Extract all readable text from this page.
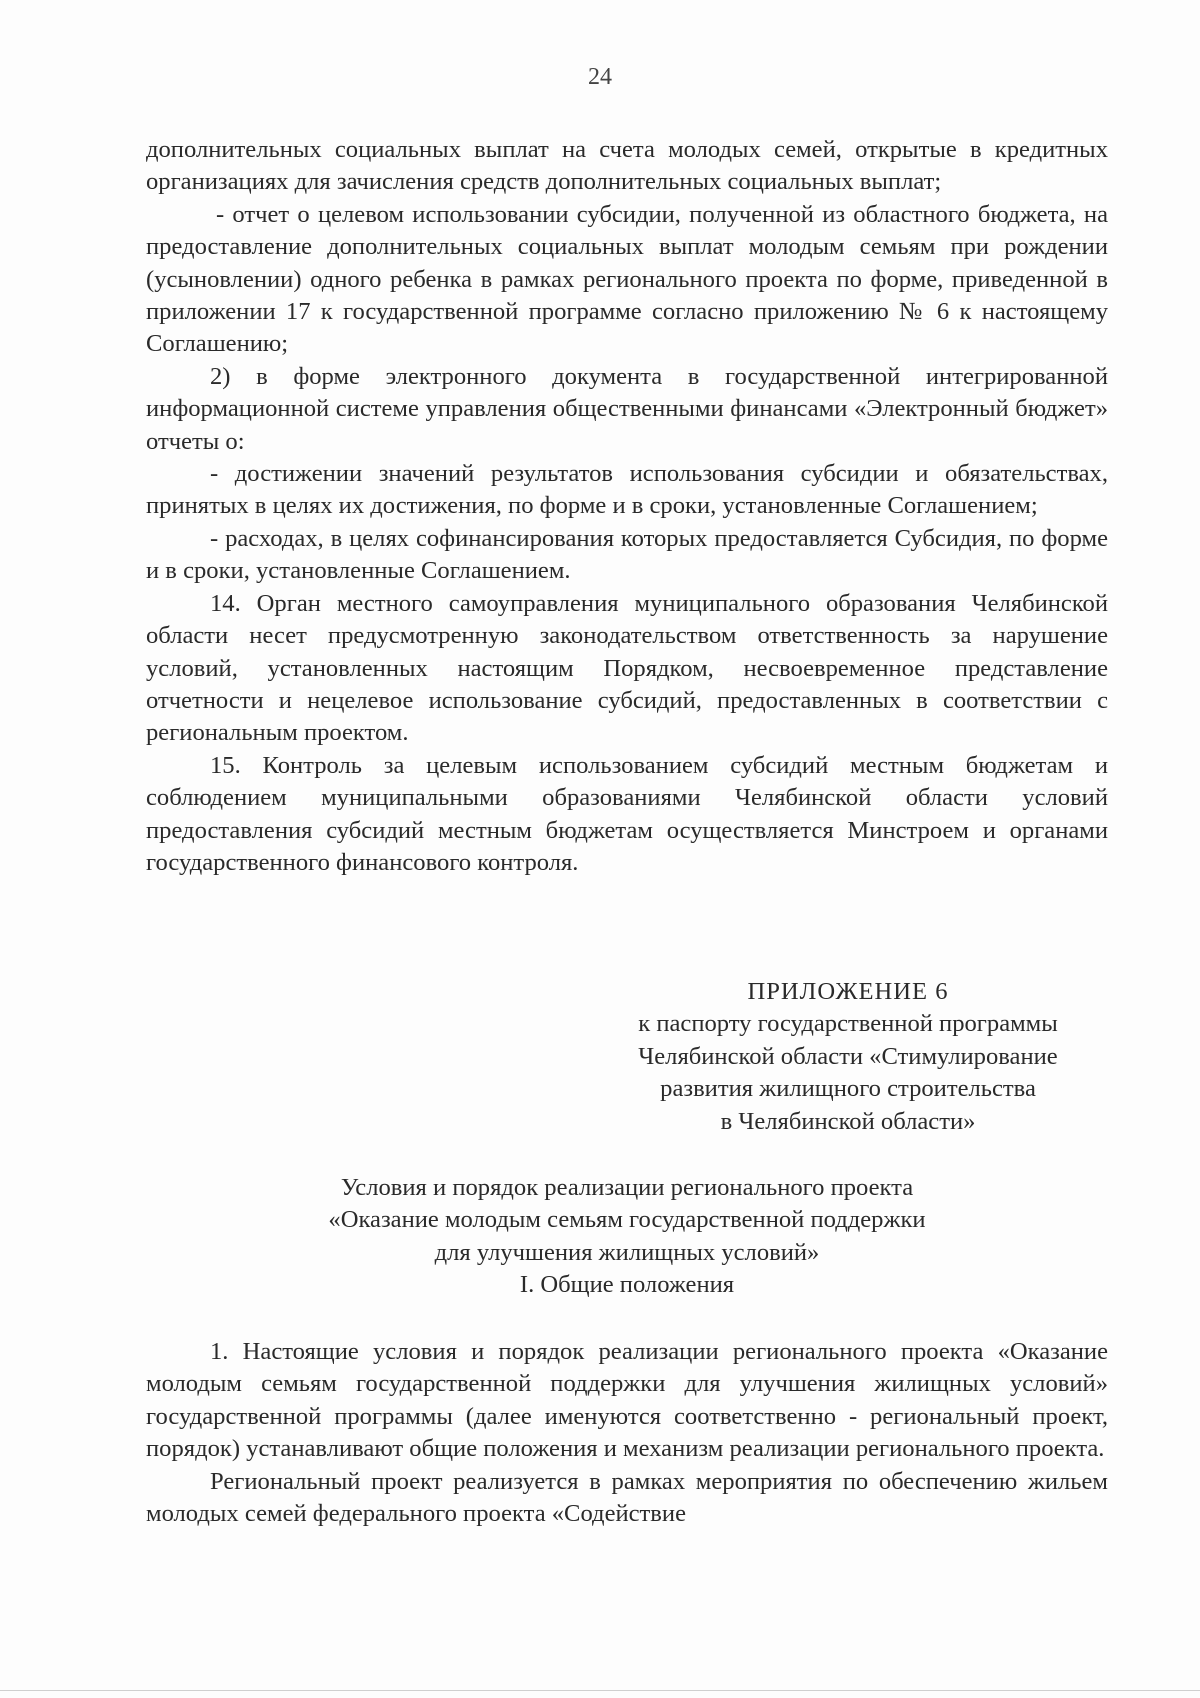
24

дополнительных социальных выплат на счета молодых семей, открытые в кредитных организациях для зачисления средств дополнительных социальных выплат;

- отчет о целевом использовании субсидии, полученной из областного бюджета, на предоставление дополнительных социальных выплат молодым семьям при рождении (усыновлении) одного ребенка в рамках регионального проекта по форме, приведенной в приложении 17 к государственной программе согласно приложению № 6 к настоящему Соглашению;

2) в форме электронного документа в государственной интегрированной информационной системе управления общественными финансами «Электронный бюджет» отчеты о:

- достижении значений результатов использования субсидии и обязательствах, принятых в целях их достижения, по форме и в сроки, установленные Соглашением;

- расходах, в целях софинансирования которых предоставляется Субсидия, по форме и в сроки, установленные Соглашением.

14. Орган местного самоуправления муниципального образования Челябинской области несет предусмотренную законодательством ответственность за нарушение условий, установленных настоящим Порядком, несвоевременное представление отчетности и нецелевое использование субсидий, предоставленных в соответствии с региональным проектом.

15. Контроль за целевым использованием субсидий местным бюджетам и соблюдением муниципальными образованиями Челябинской области условий предоставления субсидий местным бюджетам осуществляется Минстроем и органами государственного финансового контроля.

ПРИЛОЖЕНИЕ 6
к паспорту государственной программы
Челябинской области «Стимулирование
развития жилищного строительства
в Челябинской области»
Условия и порядок реализации регионального проекта
«Оказание молодым семьям государственной поддержки
для улучшения жилищных условий»
I. Общие положения

1. Настоящие условия и порядок реализации регионального проекта «Оказание молодым семьям государственной поддержки для улучшения жилищных условий» государственной программы (далее именуются соответственно - региональный проект, порядок) устанавливают общие положения и механизм реализации регионального проекта.

Региональный проект реализуется в рамках мероприятия по обеспечению жильем молодых семей федерального проекта «Содействие
